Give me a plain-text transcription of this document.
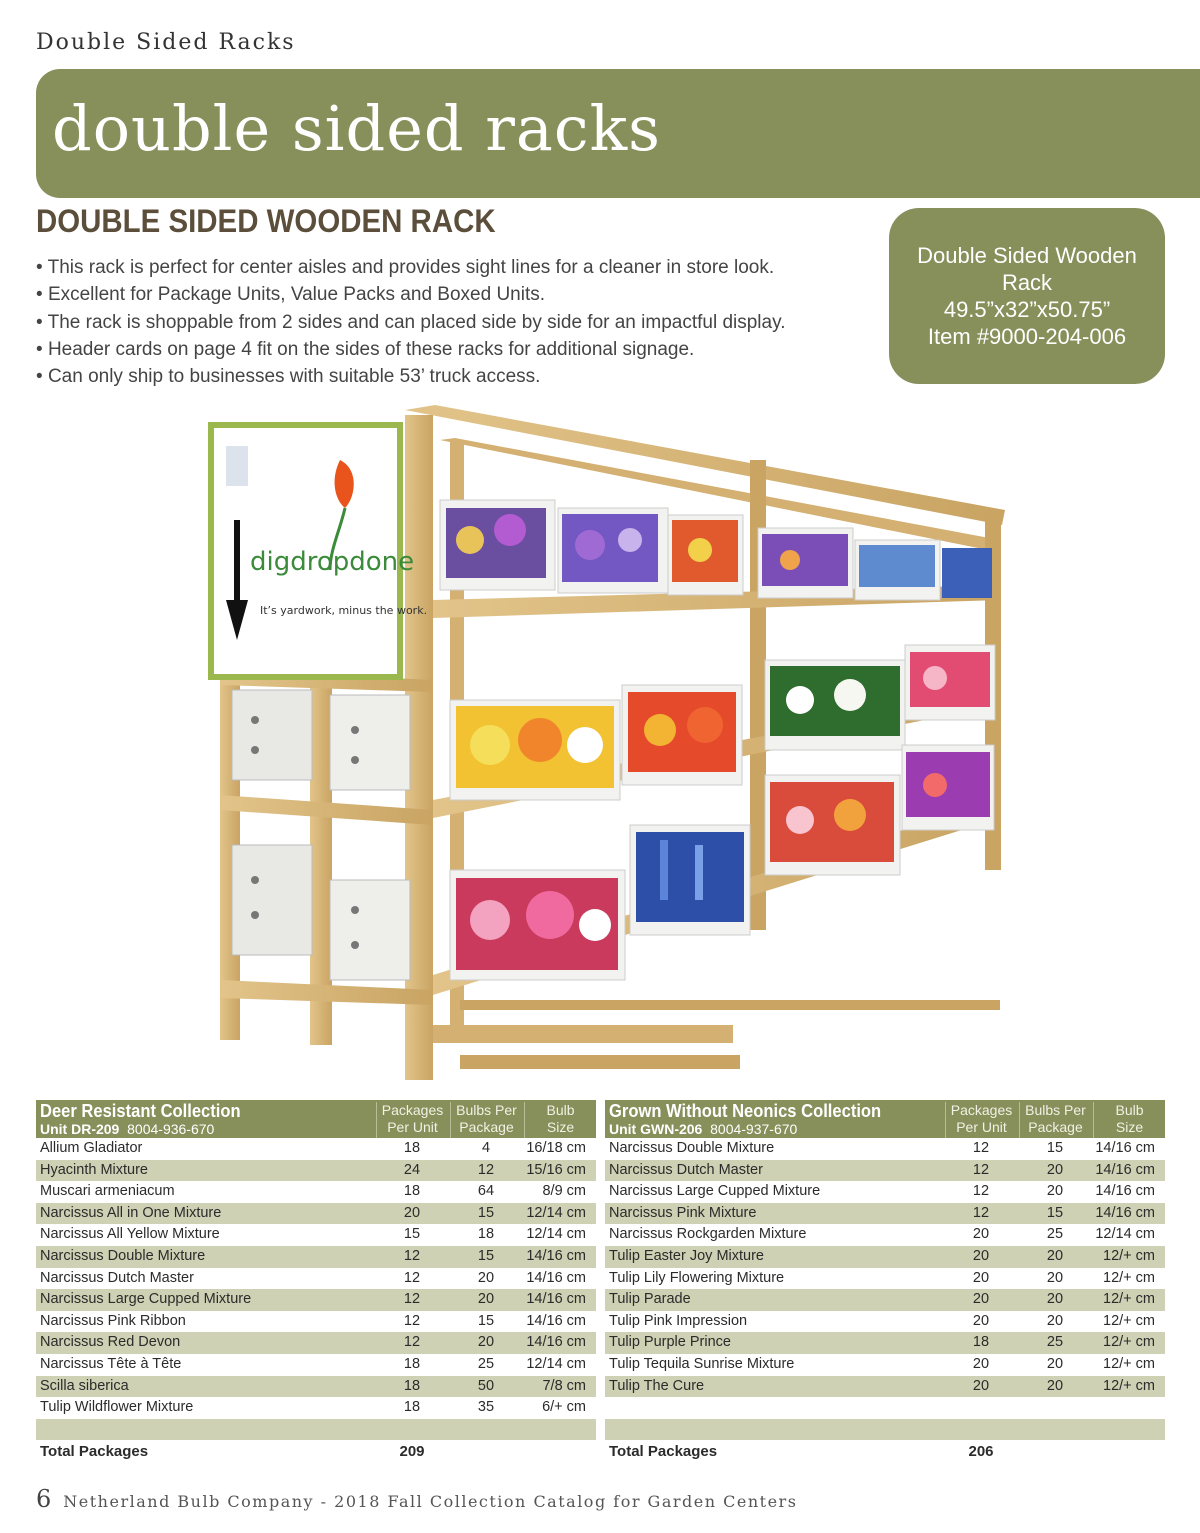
Double Sided Racks
double sided racks
DOUBLE SIDED WOODEN RACK
• This rack is perfect for center aisles and provides sight lines for a cleaner in store look.
• Excellent for Package Units, Value Packs and Boxed Units.
• The rack is shoppable from 2 sides and can placed side by side for an impactful display.
• Header cards on page 4 fit on the sides of these racks for additional signage.
• Can only ship to businesses with suitable 53’ truck access.
Double Sided Wooden
Rack
49.5”x32”x50.75”
Item #9000-204-006
digdropdone
It’s yardwork, minus the work.
Deer Resistant Collection
Unit DR-209 8004-936-670
Packages
Per Unit
Bulbs Per
Package
Bulb
Size
Allium Gladiator	18	4	16/18 cm
Hyacinth Mixture	24	12	15/16 cm
Muscari armeniacum	18	64	8/9 cm
Narcissus All in One Mixture	20	15	12/14 cm
Narcissus All Yellow Mixture	15	18	12/14 cm
Narcissus Double Mixture	12	15	14/16 cm
Narcissus Dutch Master	12	20	14/16 cm
Narcissus Large Cupped Mixture	12	20	14/16 cm
Narcissus Pink Ribbon	12	15	14/16 cm
Narcissus Red Devon	12	20	14/16 cm
Narcissus Tête à Tête	18	25	12/14 cm
Scilla siberica	18	50	7/8 cm
Tulip Wildflower Mixture	18	35	6/+ cm
Total Packages	209
Grown Without Neonics Collection
Unit GWN-206 8004-937-670
Packages
Per Unit
Bulbs Per
Package
Bulb
Size
Narcissus Double Mixture	12	15	14/16 cm
Narcissus Dutch Master	12	20	14/16 cm
Narcissus Large Cupped Mixture	12	20	14/16 cm
Narcissus Pink Mixture	12	15	14/16 cm
Narcissus Rockgarden Mixture	20	25	12/14 cm
Tulip Easter Joy Mixture	20	20	12/+ cm
Tulip Lily Flowering Mixture	20	20	12/+ cm
Tulip Parade	20	20	12/+ cm
Tulip Pink Impression	20	20	12/+ cm
Tulip Purple Prince	18	25	12/+ cm
Tulip Tequila Sunrise Mixture	20	20	12/+ cm
Tulip The Cure	20	20	12/+ cm
Total Packages	206
6 Netherland Bulb Company - 2018 Fall Collection Catalog for Garden Centers
